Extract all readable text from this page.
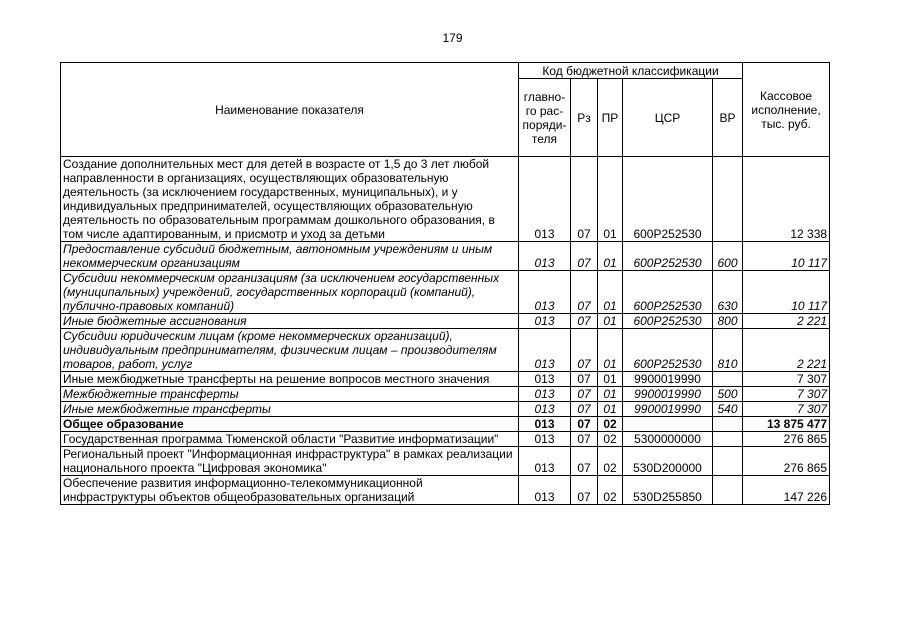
179
Наименование показателя	Код бюджетной классификации					Кассовое исполнение, тыс. руб.
	главно-го рас-поряди-теля	Рз	ПР	ЦСР	ВР	
Создание дополнительных мест для детей в возрасте от 1,5 до 3 лет любой направленности в организациях, осуществляющих образовательную деятельность (за исключением государственных, муниципальных), и у индивидуальных предпринимателей, осуществляющих образовательную деятельность по образовательным программам дошкольного образования, в том числе адаптированным, и присмотр и уход за детьми	013	07	01	600P252530		12 338
Предоставление субсидий бюджетным, автономным учреждениям и иным некоммерческим организациям	013	07	01	600P252530	600	10 117
Субсидии некоммерческим организациям (за исключением государственных (муниципальных) учреждений, государственных корпораций (компаний), публично-правовых компаний)	013	07	01	600P252530	630	10 117
Иные бюджетные ассигнования	013	07	01	600P252530	800	2 221
Субсидии юридическим лицам (кроме некоммерческих организаций), индивидуальным предпринимателям, физическим лицам – производителям товаров, работ, услуг	013	07	01	600P252530	810	2 221
Иные межбюджетные трансферты на решение вопросов местного значения	013	07	01	9900019990		7 307
Межбюджетные трансферты	013	07	01	9900019990	500	7 307
Иные межбюджетные трансферты	013	07	01	9900019990	540	7 307
Общее образование	013	07	02			13 875 477
Государственная программа Тюменской области "Развитие информатизации"	013	07	02	5300000000		276 865
Региональный проект "Информационная инфраструктура" в рамках реализации национального проекта "Цифровая экономика"	013	07	02	530D200000		276 865
Обеспечение развития информационно-телекоммуникационной инфраструктуры объектов общеобразовательных организаций	013	07	02	530D255850		147 226
